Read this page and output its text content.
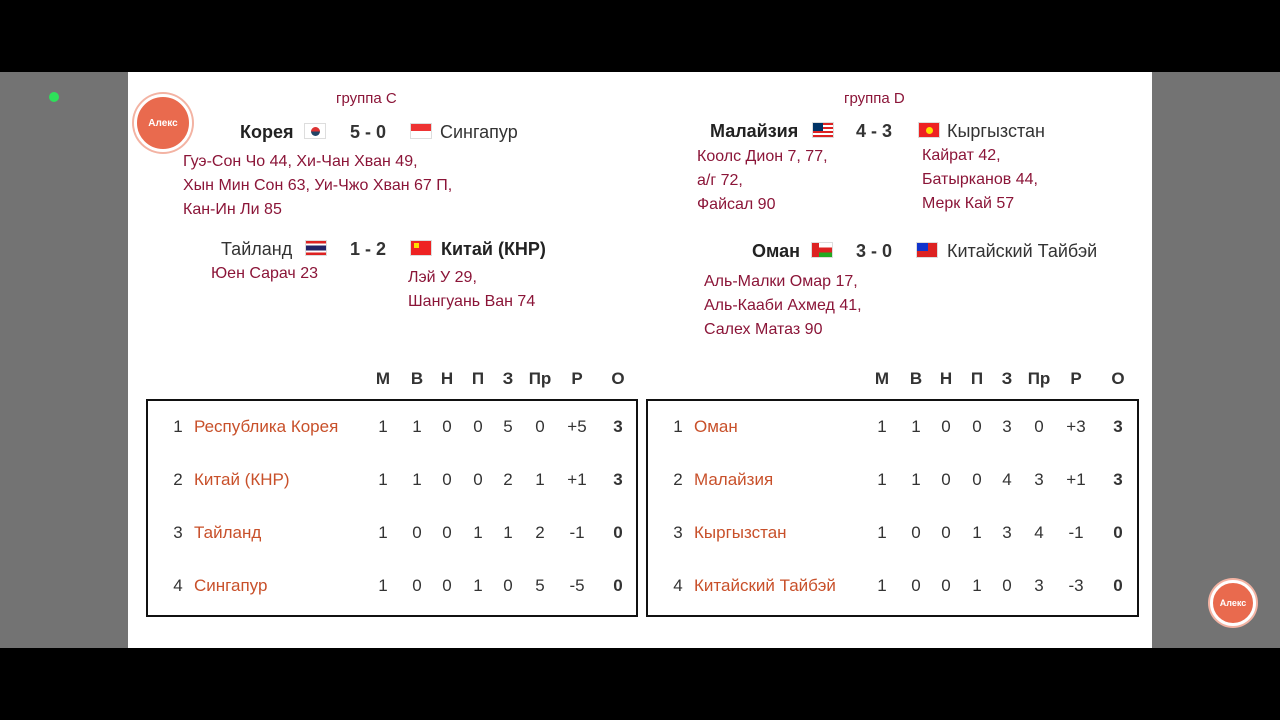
Алекс
группа С
Корея	5 - 0	Сингапур
Гуэ-Сон Чо 44, Хи-Чан Хван 49,
Хын Мин Сон 63, Уи-Чжо Хван 67 П,
Кан-Ин Ли 85
Тайланд	1 - 2	Китай (КНР)
Юен Сарач 23	Лэй У 29,
Шангуань Ван 74
группа D
Малайзия	4 - 3	Кыргызстан
Коолс Дион 7, 77,
а/г 72,
Файсал 90
Кайрат 42,
Батырканов 44,
Мерк Кай 57
Оман	3 - 0	Китайский Тайбэй
Аль-Малки Омар 17,
Аль-Кааби Ахмед 41,
Салех Матаз 90
М	В	Н	П	З Пр	Р	О	М	В	Н	П	З Пр	Р	О
1 Республика Корея	1	1	0	0	5	0	+5	3
2 Китай (КНР)	1	1	0	0	2	1	+1	3
3 Тайланд	1	0	0	1	1	2	-1	0
4 Сингапур	1	0	0	1	0	5	-5	0
1 Оман	1	1	0	0	3	0	+3	3
2 Малайзия	1	1	0	0	4	3	+1	3
3 Кыргызстан	1	0	0	1	3	4	-1	0
4 Китайский Тайбэй	1	0	0	1	0	3	-3	0
Алекс
